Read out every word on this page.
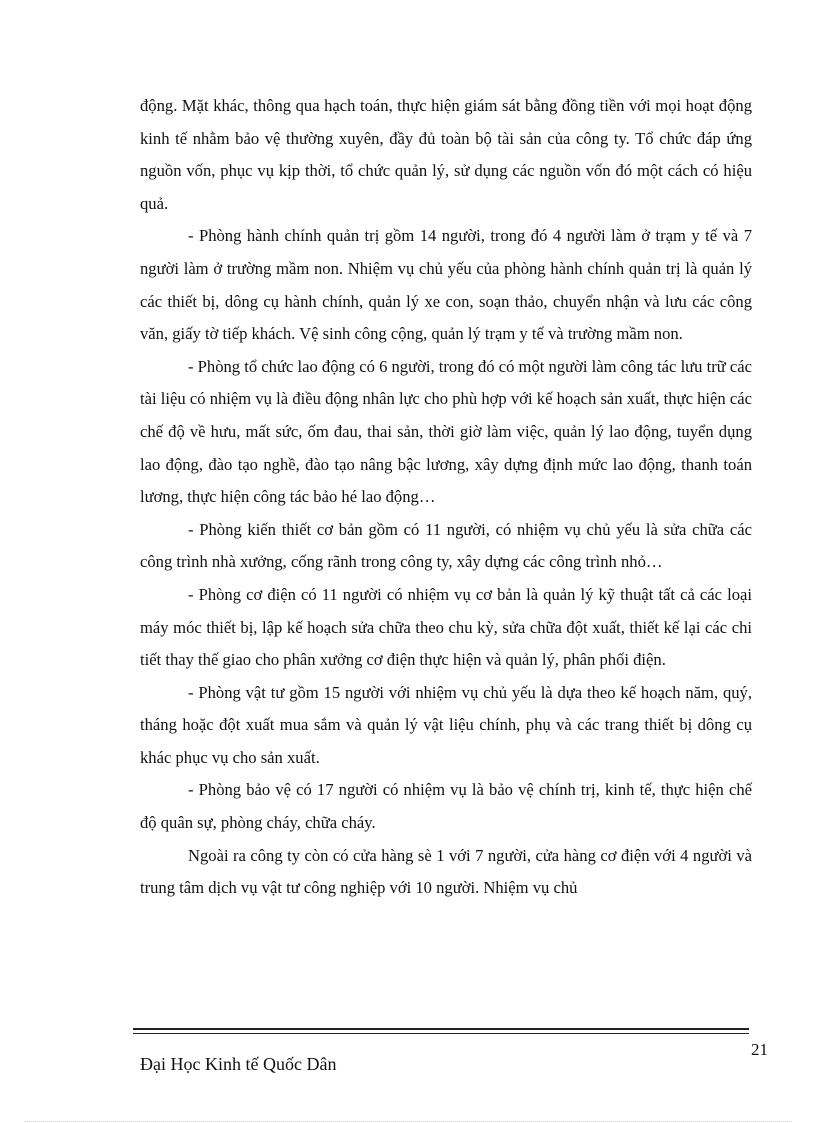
động. Mặt khác, thông qua hạch toán, thực hiện giám sát bằng đồng tiền với mọi hoạt động kinh tế nhằm bảo vệ thường xuyên, đầy đủ toàn bộ tài sản của công ty. Tổ chức đáp ứng nguồn vốn, phục vụ kịp thời, tổ chức quản lý, sử dụng các nguồn vốn đó một cách có hiệu quả.

- Phòng hành chính quản trị gồm 14 người, trong đó 4 người làm ở trạm y tế và 7 người làm ở trường mầm non. Nhiệm vụ chủ yếu của phòng hành chính quản trị là quản lý các thiết bị, dông cụ hành chính, quản lý xe con, soạn thảo, chuyển nhận và lưu các công văn, giấy tờ tiếp khách. Vệ sinh công cộng, quản lý trạm y tế và trường mầm non.

- Phòng tổ chức lao động có 6 người, trong đó có một người làm công tác lưu trữ các tài liệu có nhiệm vụ là điều động nhân lực cho phù hợp với kế hoạch sản xuất, thực hiện các chế độ về hưu, mất sức, ốm đau, thai sản, thời giờ làm việc, quản lý lao động, tuyển dụng lao động, đào tạo nghề, đào tạo nâng bậc lương, xây dựng định mức lao động, thanh toán lương, thực hiện công tác bảo hé lao động…

- Phòng kiến thiết cơ bản gồm có 11 người, có nhiệm vụ chủ yếu là sửa chữa các công trình nhà xưởng, cống rãnh trong công ty, xây dựng các công trình nhỏ…

- Phòng cơ điện có 11 người có nhiệm vụ cơ bản là quản lý kỹ thuật tất cả các loại máy móc thiết bị, lập kế hoạch sửa chữa theo chu kỳ, sửa chữa đột xuất, thiết kế lại các chi tiết thay thế giao cho phân xưởng cơ điện thực hiện và quản lý, phân phối điện.

- Phòng vật tư gồm 15 người với nhiệm vụ chủ yếu là dựa theo kế hoạch năm, quý, tháng hoặc đột xuất mua sắm và quản lý vật liệu chính, phụ và các trang thiết bị dông cụ khác phục vụ cho sản xuất.

- Phòng bảo vệ có 17 người có nhiệm vụ là bảo vệ chính trị, kinh tế, thực hiện chế độ quân sự, phòng cháy, chữa cháy.

Ngoài ra công ty còn có cửa hàng sè 1 với 7 người, cửa hàng cơ điện với 4 người và trung tâm dịch vụ vật tư công nghiệp với 10 người. Nhiệm vụ chủ

21
Đại Học Kinh tế Quốc Dân
